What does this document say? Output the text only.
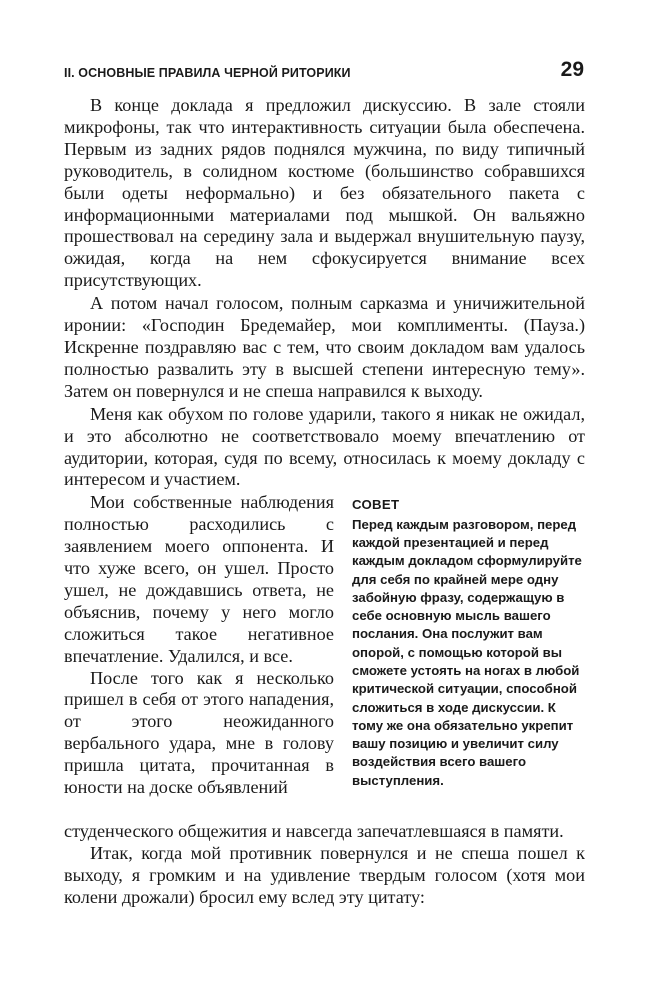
II. ОСНОВНЫЕ ПРАВИЛА ЧЕРНОЙ РИТОРИКИ	29

В конце доклада я предложил дискуссию. В зале стояли микрофоны, так что интерактивность ситуации была обеспечена. Первым из задних рядов поднялся мужчина, по виду типичный руководитель, в солидном костюме (большинство собравшихся были одеты неформально) и без обязательного пакета с информационными материалами под мышкой. Он вальяжно прошествовал на середину зала и выдержал внушительную паузу, ожидая, когда на нем сфокусируется внимание всех присутствующих.

А потом начал голосом, полным сарказма и уничижительной иронии: «Господин Бредемайер, мои комплименты. (Пауза.) Искренне поздравляю вас с тем, что своим докладом вам удалось полностью развалить эту в высшей степени интересную тему». Затем он повернулся и не спеша направился к выходу.

Меня как обухом по голове ударили, такого я никак не ожидал, и это абсолютно не соответствовало моему впечатлению от аудитории, которая, судя по всему, относилась к моему докладу с интересом и участием.

Мои собственные наблюдения полностью расходились с заявлением моего оппонента. И что хуже всего, он ушел. Просто ушел, не дождавшись ответа, не объяснив, почему у него могло сложиться такое негативное впечатление. Удалился, и все.

После того как я несколько пришел в себя от этого нападения, от этого неожиданного вербального удара, мне в голову пришла цитата, прочитанная в юности на доске объявлений

СОВЕТ
Перед каждым разговором, перед каждой презентацией и перед каждым докладом сформулируйте для себя по крайней мере одну забойную фразу, содержащую в себе основную мысль вашего послания. Она послужит вам опорой, с помощью которой вы сможете устоять на ногах в любой критической ситуации, способной сложиться в ходе дискуссии. К тому же она обязательно укрепит вашу позицию и увеличит силу воздействия всего вашего выступления.

студенческого общежития и навсегда запечатлевшаяся в памяти.

Итак, когда мой противник повернулся и не спеша пошел к выходу, я громким и на удивление твердым голосом (хотя мои колени дрожали) бросил ему вслед эту цитату:
